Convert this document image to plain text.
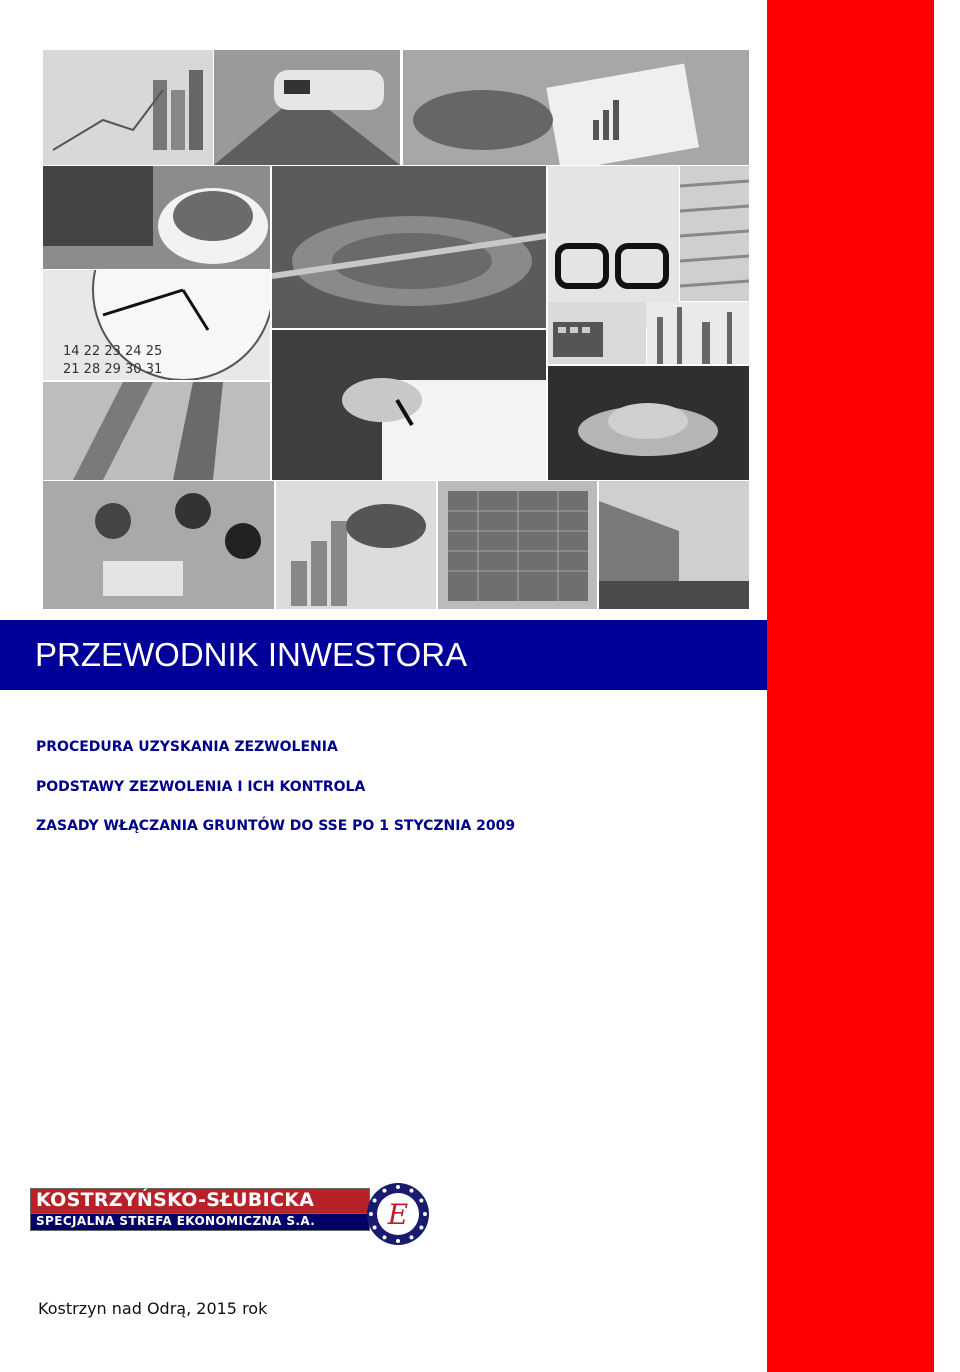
14 22 23 24 25
21 28 29 30 31
PRZEWODNIK INWESTORA
PROCEDURA UZYSKANIA ZEZWOLENIA
PODSTAWY ZEZWOLENIA I ICH KONTROLA
ZASADY WŁĄCZANIA GRUNTÓW DO SSE PO 1 STYCZNIA 2009
KOSTRZYŃSKO-SŁUBICKA
SPECJALNA STREFA EKONOMICZNA S.A.	E
Kostrzyn nad Odrą, 2015 rok
